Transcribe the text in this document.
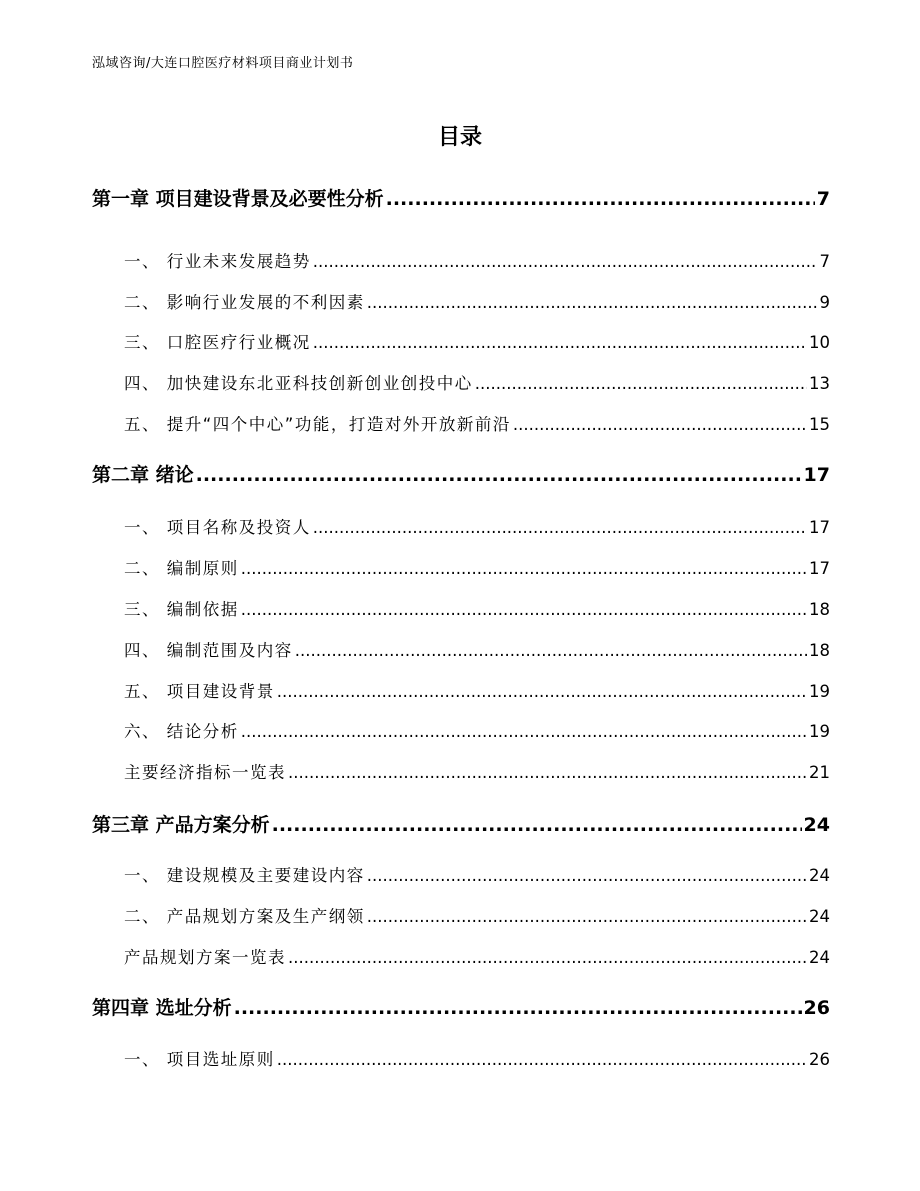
泓域咨询/大连口腔医疗材料项目商业计划书
目录
第一章 项目建设背景及必要性分析 .....	7
一、 行业未来发展趋势 .....	7
二、 影响行业发展的不利因素 .....	9
三、 口腔医疗行业概况 .....	10
四、 加快建设东北亚科技创新创业创投中心 .....	13
五、 提升“四个中心”功能，打造对外开放新前沿 .....	15
第二章 绪论 .....	17
一、 项目名称及投资人 .....	17
二、 编制原则 .....	17
三、 编制依据 .....	18
四、 编制范围及内容 .....	18
五、 项目建设背景 .....	19
六、 结论分析 .....	19
主要经济指标一览表 .....	21
第三章 产品方案分析 .....	24
一、 建设规模及主要建设内容 .....	24
二、 产品规划方案及生产纲领 .....	24
产品规划方案一览表 .....	24
第四章 选址分析 .....	26
一、 项目选址原则 .....	26
